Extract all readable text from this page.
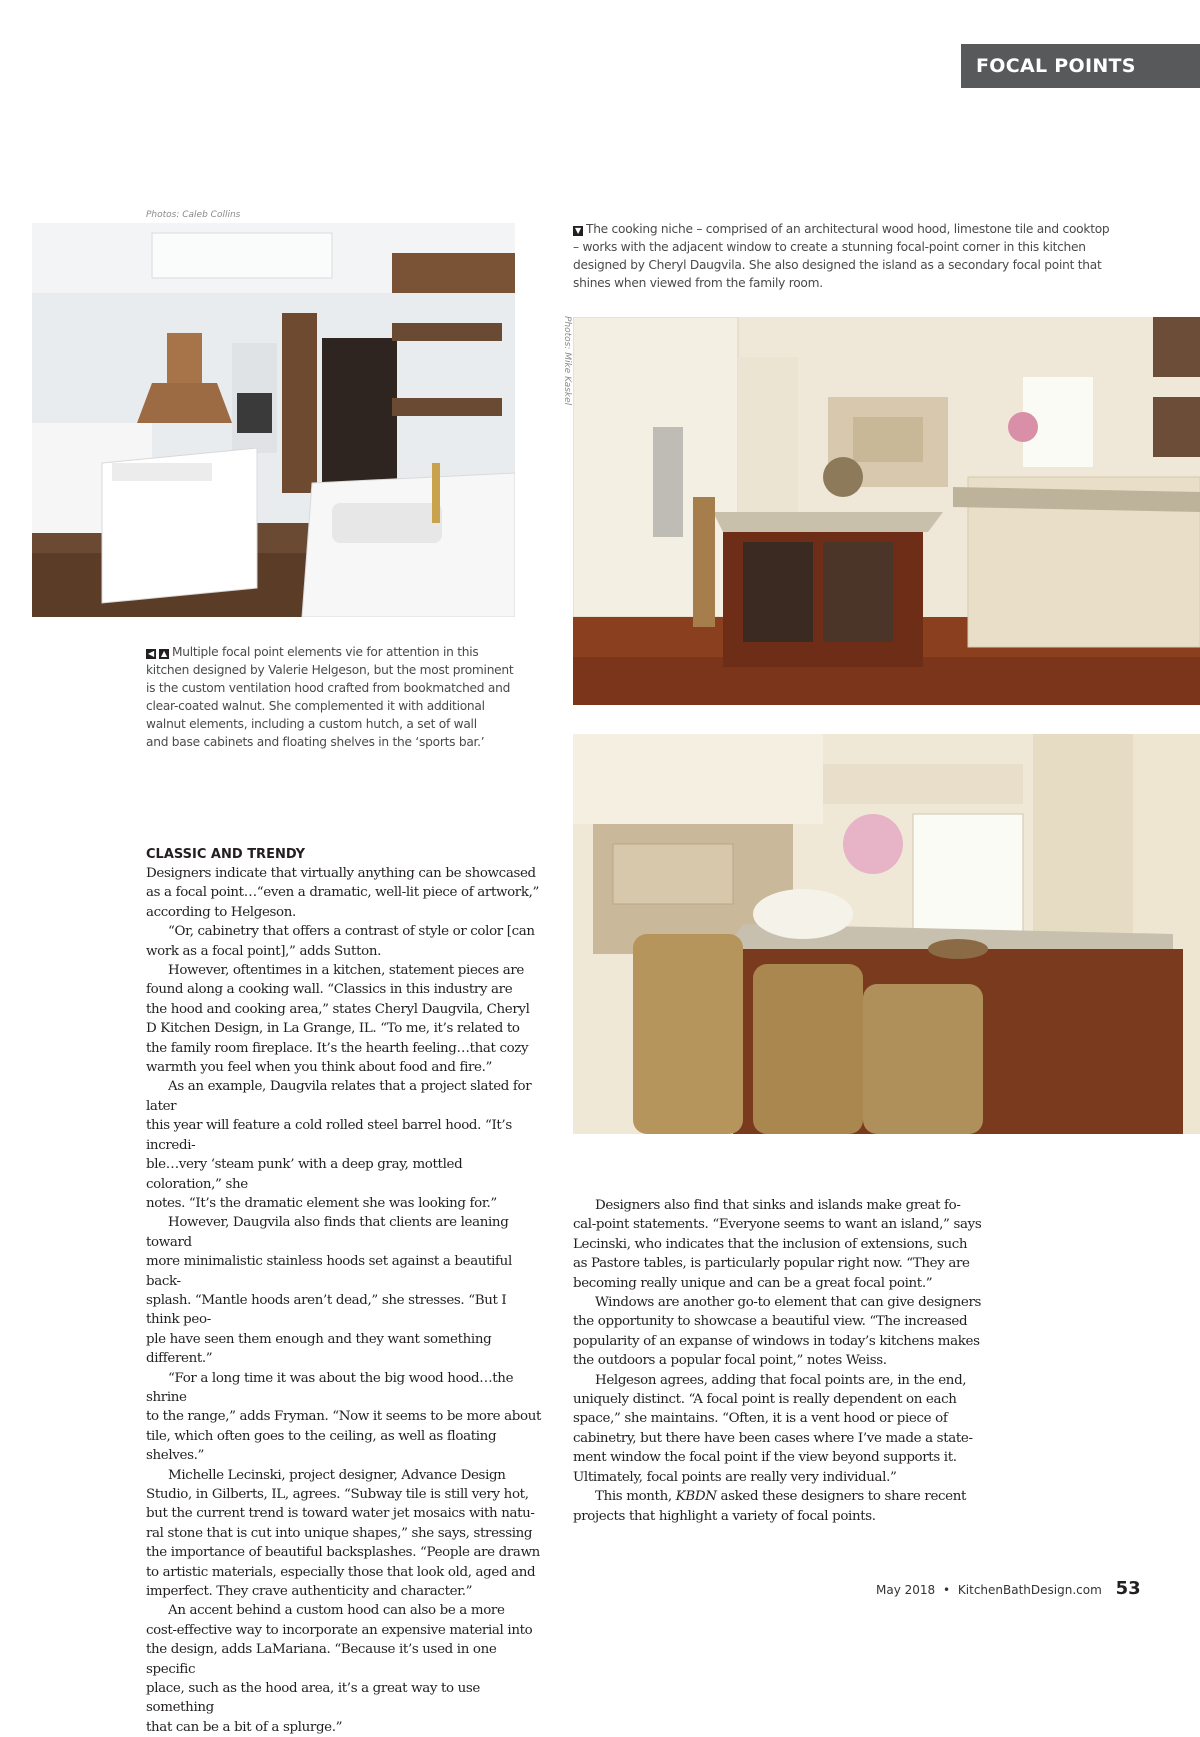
FOCAL POINTS
Photos: Caleb Collins
◀ ▲ Multiple focal point elements vie for attention in this
kitchen designed by Valerie Helgeson, but the most prominent
is the custom ventilation hood crafted from bookmatched and
clear-coated walnut. She complemented it with additional
walnut elements, including a custom hutch, a set of wall
and base cabinets and floating shelves in the ‘sports bar.’
▼ The cooking niche – comprised of an architectural wood hood, limestone tile and cooktop
– works with the adjacent window to create a stunning focal-point corner in this kitchen
designed by Cheryl Daugvila. She also designed the island as a secondary focal point that
shines when viewed from the family room.
Photos: Mike Kaskel

CLASSIC AND TRENDY

Designers indicate that virtually anything can be showcased

as a focal point…“even a dramatic, well-lit piece of artwork,”

according to Helgeson.

“Or, cabinetry that offers a contrast of style or color [can

work as a focal point],” adds Sutton.

However, oftentimes in a kitchen, statement pieces are

found along a cooking wall. “Classics in this industry are

the hood and cooking area,” states Cheryl Daugvila, Cheryl

D Kitchen Design, in La Grange, IL. “To me, it’s related to

the family room fireplace. It’s the hearth feeling…that cozy

warmth you feel when you think about food and fire.”

As an example, Daugvila relates that a project slated for later

this year will feature a cold rolled steel barrel hood. “It’s incredi-

ble…very ‘steam punk’ with a deep gray, mottled coloration,” she

notes. “It’s the dramatic element she was looking for.”

However, Daugvila also finds that clients are leaning toward

more minimalistic stainless hoods set against a beautiful back-

splash. “Mantle hoods aren’t dead,” she stresses. “But I think peo-

ple have seen them enough and they want something different.”

“For a long time it was about the big wood hood…the shrine

to the range,” adds Fryman. “Now it seems to be more about

tile, which often goes to the ceiling, as well as floating shelves.”

Michelle Lecinski, project designer, Advance Design

Studio, in Gilberts, IL, agrees. “Subway tile is still very hot,

but the current trend is toward water jet mosaics with natu-

ral stone that is cut into unique shapes,” she says, stressing

the importance of beautiful backsplashes. “People are drawn

to artistic materials, especially those that look old, aged and

imperfect. They crave authenticity and character.”

An accent behind a custom hood can also be a more

cost-effective way to incorporate an expensive material into

the design, adds LaMariana. “Because it’s used in one specific

place, such as the hood area, it’s a great way to use something

that can be a bit of a splurge.”

Designers also find that sinks and islands make great fo-

cal-point statements. “Everyone seems to want an island,” says

Lecinski, who indicates that the inclusion of extensions, such

as Pastore tables, is particularly popular right now. “They are

becoming really unique and can be a great focal point.”

Windows are another go-to element that can give designers

the opportunity to showcase a beautiful view. “The increased

popularity of an expanse of windows in today’s kitchens makes

the outdoors a popular focal point,” notes Weiss.

Helgeson agrees, adding that focal points are, in the end,

uniquely distinct. “A focal point is really dependent on each

space,” she maintains. “Often, it is a vent hood or piece of

cabinetry, but there have been cases where I’ve made a state-

ment window the focal point if the view beyond supports it.

Ultimately, focal points are really very individual.”

This month, KBDN asked these designers to share recent

projects that highlight a variety of focal points.

May 2018 • KitchenBathDesign.com 53
